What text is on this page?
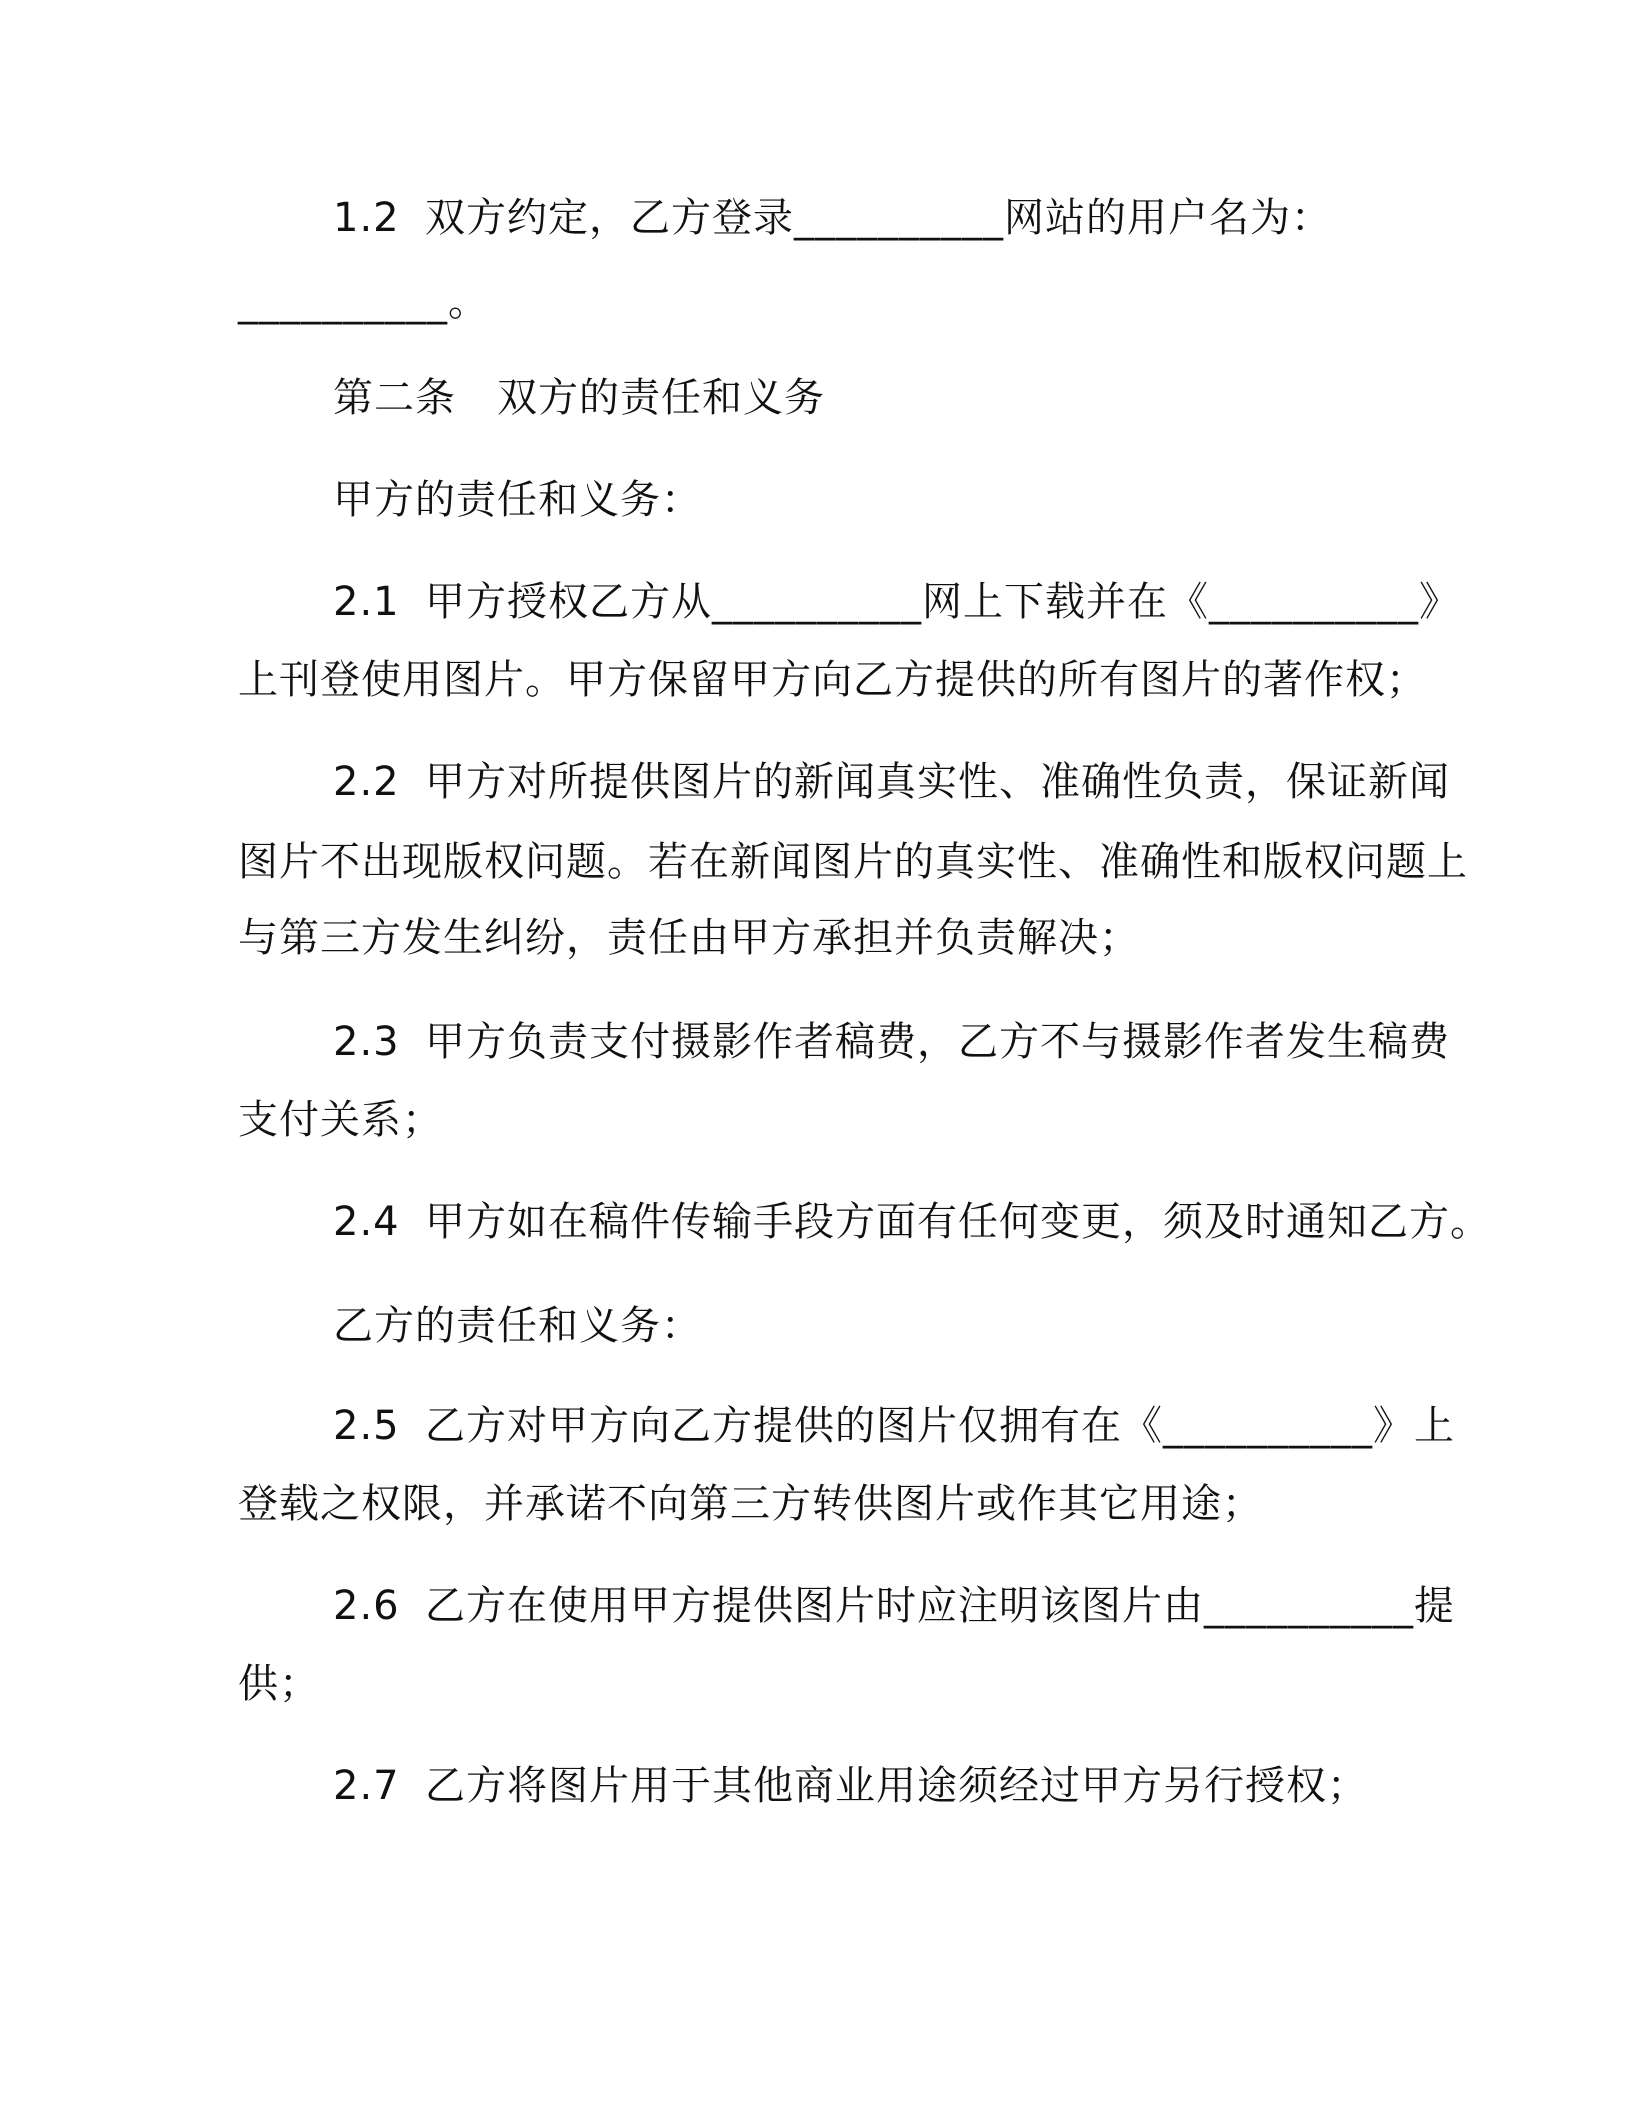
1.2 双方约定，乙方登录__________网站的用户名为：
__________。
第二条　双方的责任和义务
甲方的责任和义务：
2.1 甲方授权乙方从__________网上下载并在《__________》
上刊登使用图片。甲方保留甲方向乙方提供的所有图片的著作权；
2.2 甲方对所提供图片的新闻真实性、准确性负责，保证新闻
图片不出现版权问题。若在新闻图片的真实性、准确性和版权问题上
与第三方发生纠纷，责任由甲方承担并负责解决；
2.3 甲方负责支付摄影作者稿费，乙方不与摄影作者发生稿费
支付关系；
2.4 甲方如在稿件传输手段方面有任何变更，须及时通知乙方。
乙方的责任和义务：
2.5 乙方对甲方向乙方提供的图片仅拥有在《__________》上
登载之权限，并承诺不向第三方转供图片或作其它用途；
2.6 乙方在使用甲方提供图片时应注明该图片由__________提
供；
2.7 乙方将图片用于其他商业用途须经过甲方另行授权；
